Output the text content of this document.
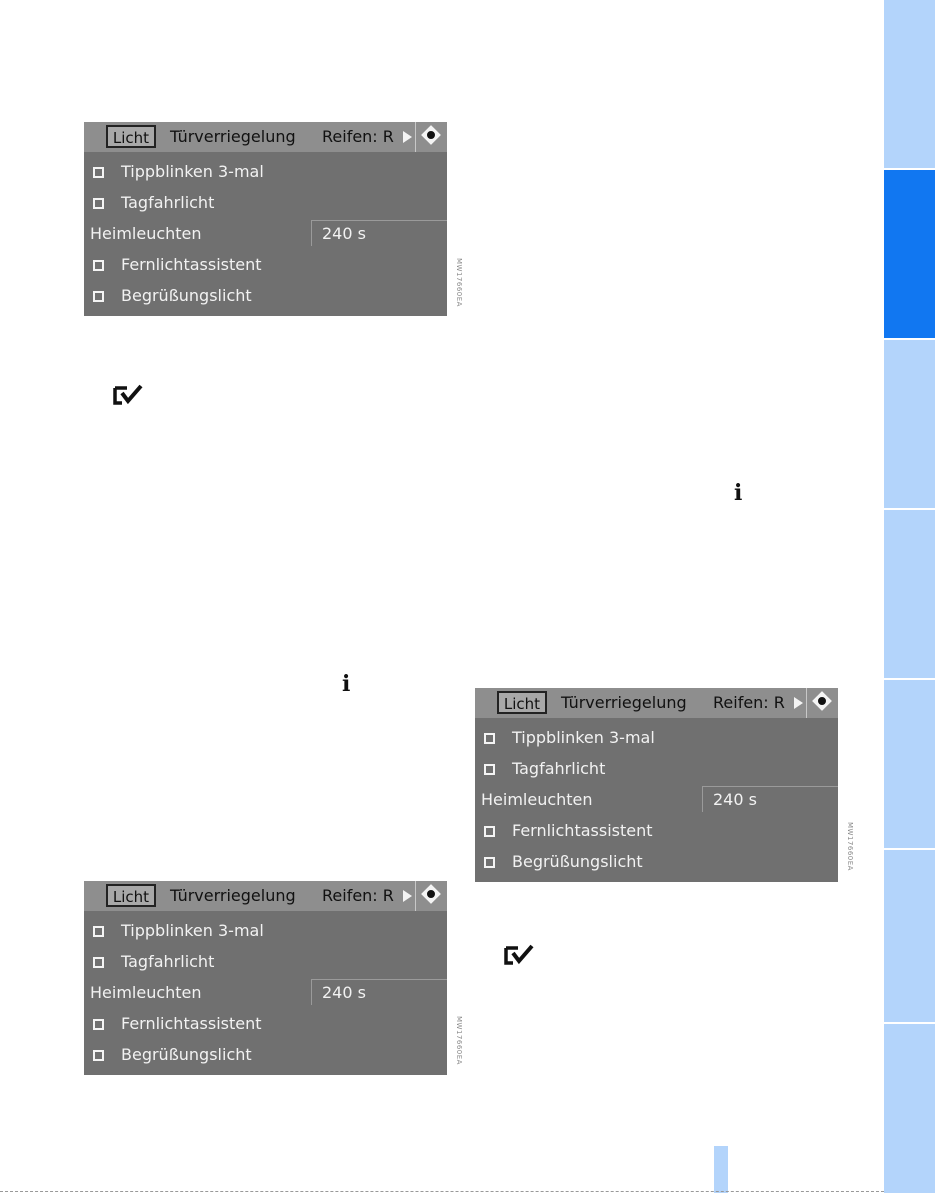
Licht	Türverriegelung Reifen: R
Tippblinken 3-mal
Tagfahrlicht
Heimleuchten	240 s
Fernlichtassistent
Begrüßungslicht	MW17660EA
i
i
Licht	Türverriegelung Reifen: R
Tippblinken 3-mal
Tagfahrlicht
Heimleuchten	240 s
Fernlichtassistent
Begrüßungslicht	MW17660EA
Licht	Türverriegelung Reifen: R
Tippblinken 3-mal
Tagfahrlicht
Heimleuchten	240 s
Fernlichtassistent
Begrüßungslicht	MW17660EA
